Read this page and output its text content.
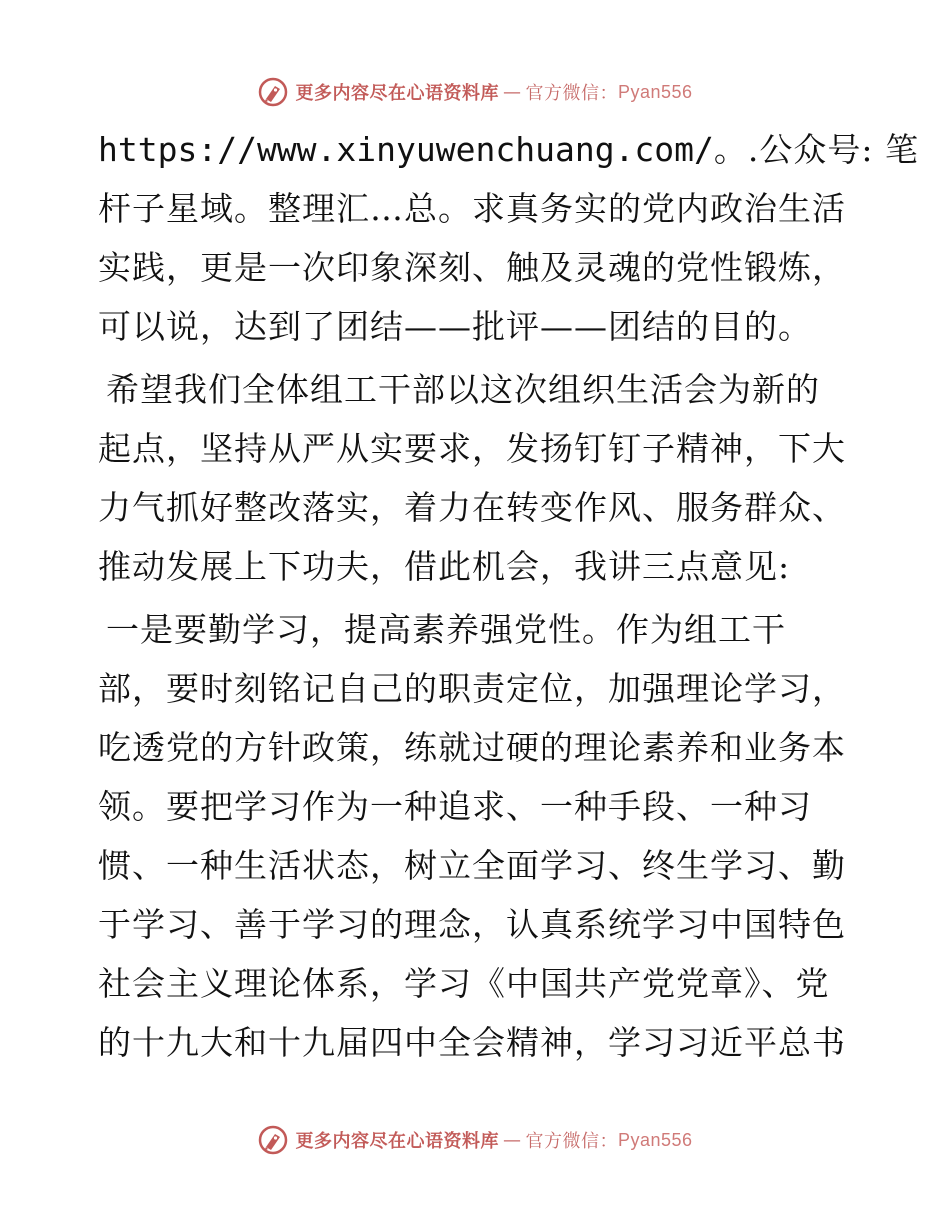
更多内容尽在心语资料库 — 官方微信： Pyan556
https://www.xinyuwenchuang.com/。.公众号: 笔
杆子星域。整理汇…总。求真务实的党内政治生活
实践，更是一次印象深刻、触及灵魂的党性锻炼，
可以说，达到了团结——批评——团结的目的。
希望我们全体组工干部以这次组织生活会为新的
起点，坚持从严从实要求，发扬钉钉子精神，下大
力气抓好整改落实，着力在转变作风、服务群众、
推动发展上下功夫，借此机会，我讲三点意见:
一是要勤学习，提高素养强党性。作为组工干
部，要时刻铭记自己的职责定位，加强理论学习，
吃透党的方针政策，练就过硬的理论素养和业务本
领。要把学习作为一种追求、一种手段、一种习
惯、一种生活状态，树立全面学习、终生学习、勤
于学习、善于学习的理念，认真系统学习中国特色
社会主义理论体系，学习《中国共产党党章》、党
的十九大和十九届四中全会精神，学习习近平总书
更多内容尽在心语资料库 — 官方微信： Pyan556
